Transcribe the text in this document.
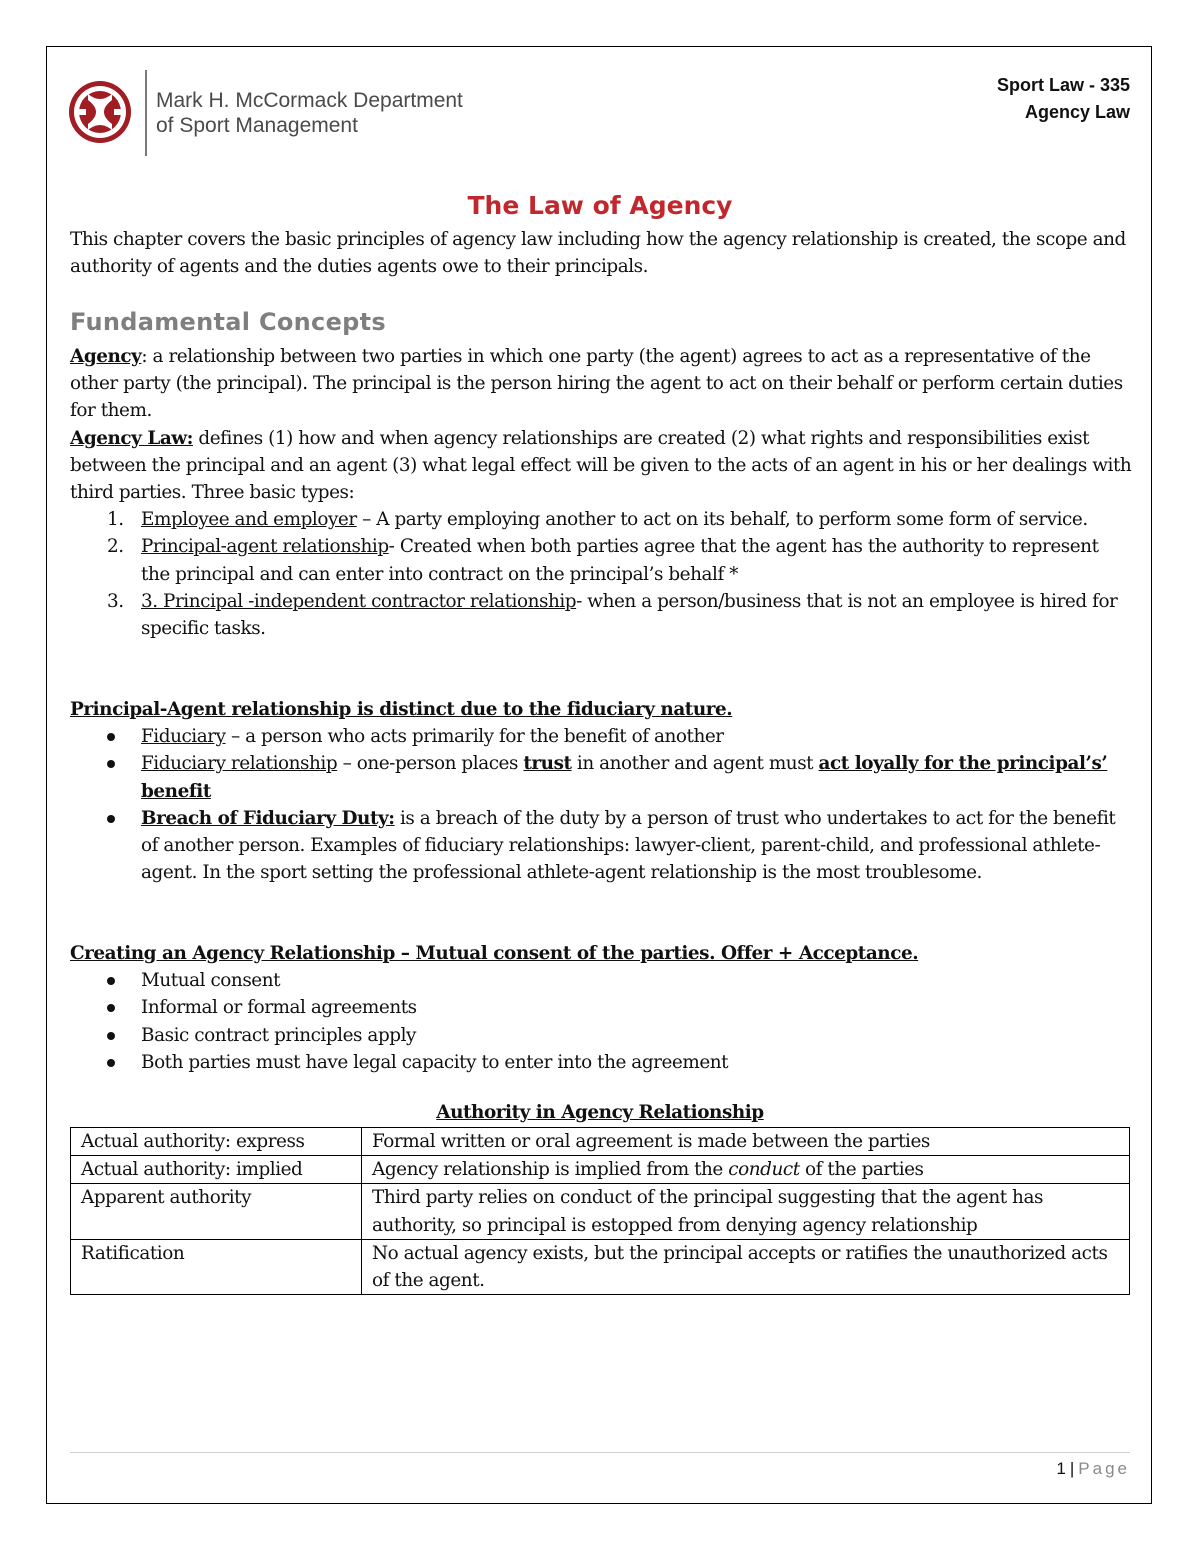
Mark H. McCormack Department
of Sport Management
Sport Law - 335
Agency Law
The Law of Agency
This chapter covers the basic principles of agency law including how the agency relationship is created, the scope and authority of agents and the duties agents owe to their principals.
Fundamental Concepts
Agency: a relationship between two parties in which one party (the agent) agrees to act as a representative of the other party (the principal). The principal is the person hiring the agent to act on their behalf or perform certain duties for them.
Agency Law: defines (1) how and when agency relationships are created (2) what rights and responsibilities exist between the principal and an agent (3) what legal effect will be given to the acts of an agent in his or her dealings with third parties. Three basic types:
1. Employee and employer – A party employing another to act on its behalf, to perform some form of service.
2. Principal-agent relationship- Created when both parties agree that the agent has the authority to represent the principal and can enter into contract on the principal’s behalf *
3. 3. Principal -independent contractor relationship- when a person/business that is not an employee is hired for specific tasks.
Principal-Agent relationship is distinct due to the fiduciary nature.
Fiduciary – a person who acts primarily for the benefit of another
Fiduciary relationship – one-person places trust in another and agent must act loyally for the principal’s’ benefit
Breach of Fiduciary Duty: is a breach of the duty by a person of trust who undertakes to act for the benefit of another person. Examples of fiduciary relationships: lawyer-client, parent-child, and professional athlete-agent. In the sport setting the professional athlete-agent relationship is the most troublesome.
Creating an Agency Relationship – Mutual consent of the parties. Offer + Acceptance.
Mutual consent
Informal or formal agreements
Basic contract principles apply
Both parties must have legal capacity to enter into the agreement
Authority in Agency Relationship
Actual authority: express	Formal written or oral agreement is made between the parties
Actual authority: implied	Agency relationship is implied from the conduct of the parties
Apparent authority	Third party relies on conduct of the principal suggesting that the agent has authority, so principal is estopped from denying agency relationship
Ratification	No actual agency exists, but the principal accepts or ratifies the unauthorized acts of the agent.
1 | Page
